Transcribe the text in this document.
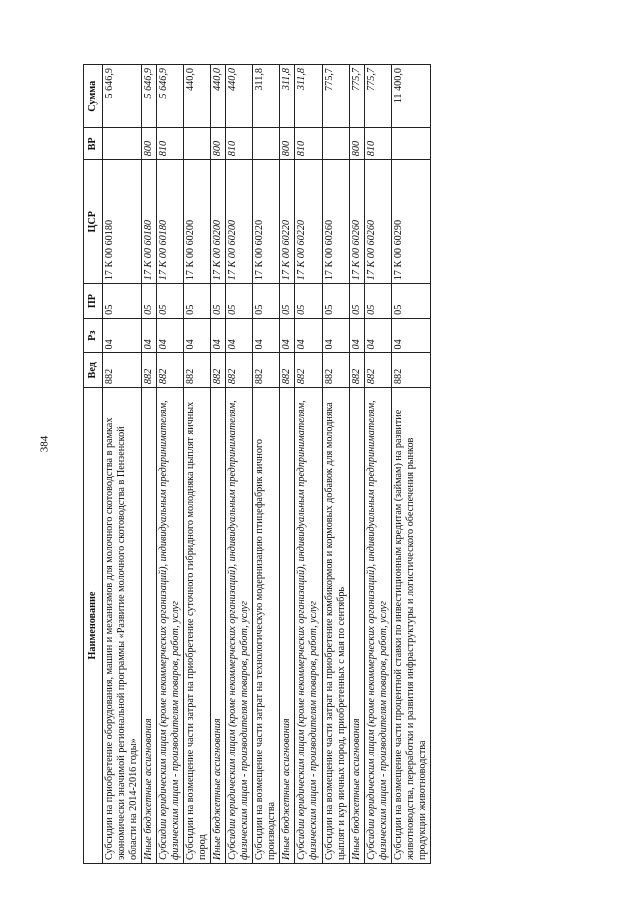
384
Наименование	Вед	Рз	ПР	ЦСР	ВР	Сумма
Субсидии на приобретение оборудования, машин и механизмов для молочного скотоводства в рамках экономически значимой региональной программы «Развитие молочного скотоводства в Пензенской области на 2014-2016 годы»	882	04	05	17 К 00 60180		5 646,9
Иные бюджетные ассигнования	882	04	05	17 К 00 60180	800	5 646,9
Субсидии юридическим лицам (кроме некоммерческих организаций), индивидуальным предпринимателям, физическим лицам - производителям товаров, работ, услуг	882	04	05	17 К 00 60180	810	5 646,9
Субсидии на возмещение части затрат на приобретение суточного гибридного молодняка цыплят яичных пород	882	04	05	17 К 00 60200		440,0
Иные бюджетные ассигнования	882	04	05	17 К 00 60200	800	440,0
Субсидии юридическим лицам (кроме некоммерческих организаций), индивидуальным предпринимателям, физическим лицам - производителям товаров, работ, услуг	882	04	05	17 К 00 60200	810	440,0
Субсидии на возмещение части затрат на технологическую модернизацию птицефабрик яичного производства	882	04	05	17 К 00 60220		311,8
Иные бюджетные ассигнования	882	04	05	17 К 00 60220	800	311,8
Субсидии юридическим лицам (кроме некоммерческих организаций), индивидуальным предпринимателям, физическим лицам - производителям товаров, работ, услуг	882	04	05	17 К 00 60220	810	311,8
Субсидии на возмещение части затрат на приобретение комбикормов и кормовых добавок для молодняка цыплят и кур яичных пород, приобретенных с мая по сентябрь	882	04	05	17 К 00 60260		775,7
Иные бюджетные ассигнования	882	04	05	17 К 00 60260	800	775,7
Субсидии юридическим лицам (кроме некоммерческих организаций), индивидуальным предпринимателям, физическим лицам - производителям товаров, работ, услуг	882	04	05	17 К 00 60260	810	775,7
Субсидии на возмещение части процентной ставки по инвестиционным кредитам (займам) на развитие животноводства, переработки и развития инфраструктуры и логистического обеспечения рынков продукции животноводства	882	04	05	17 К 00 60290		11 400,0
